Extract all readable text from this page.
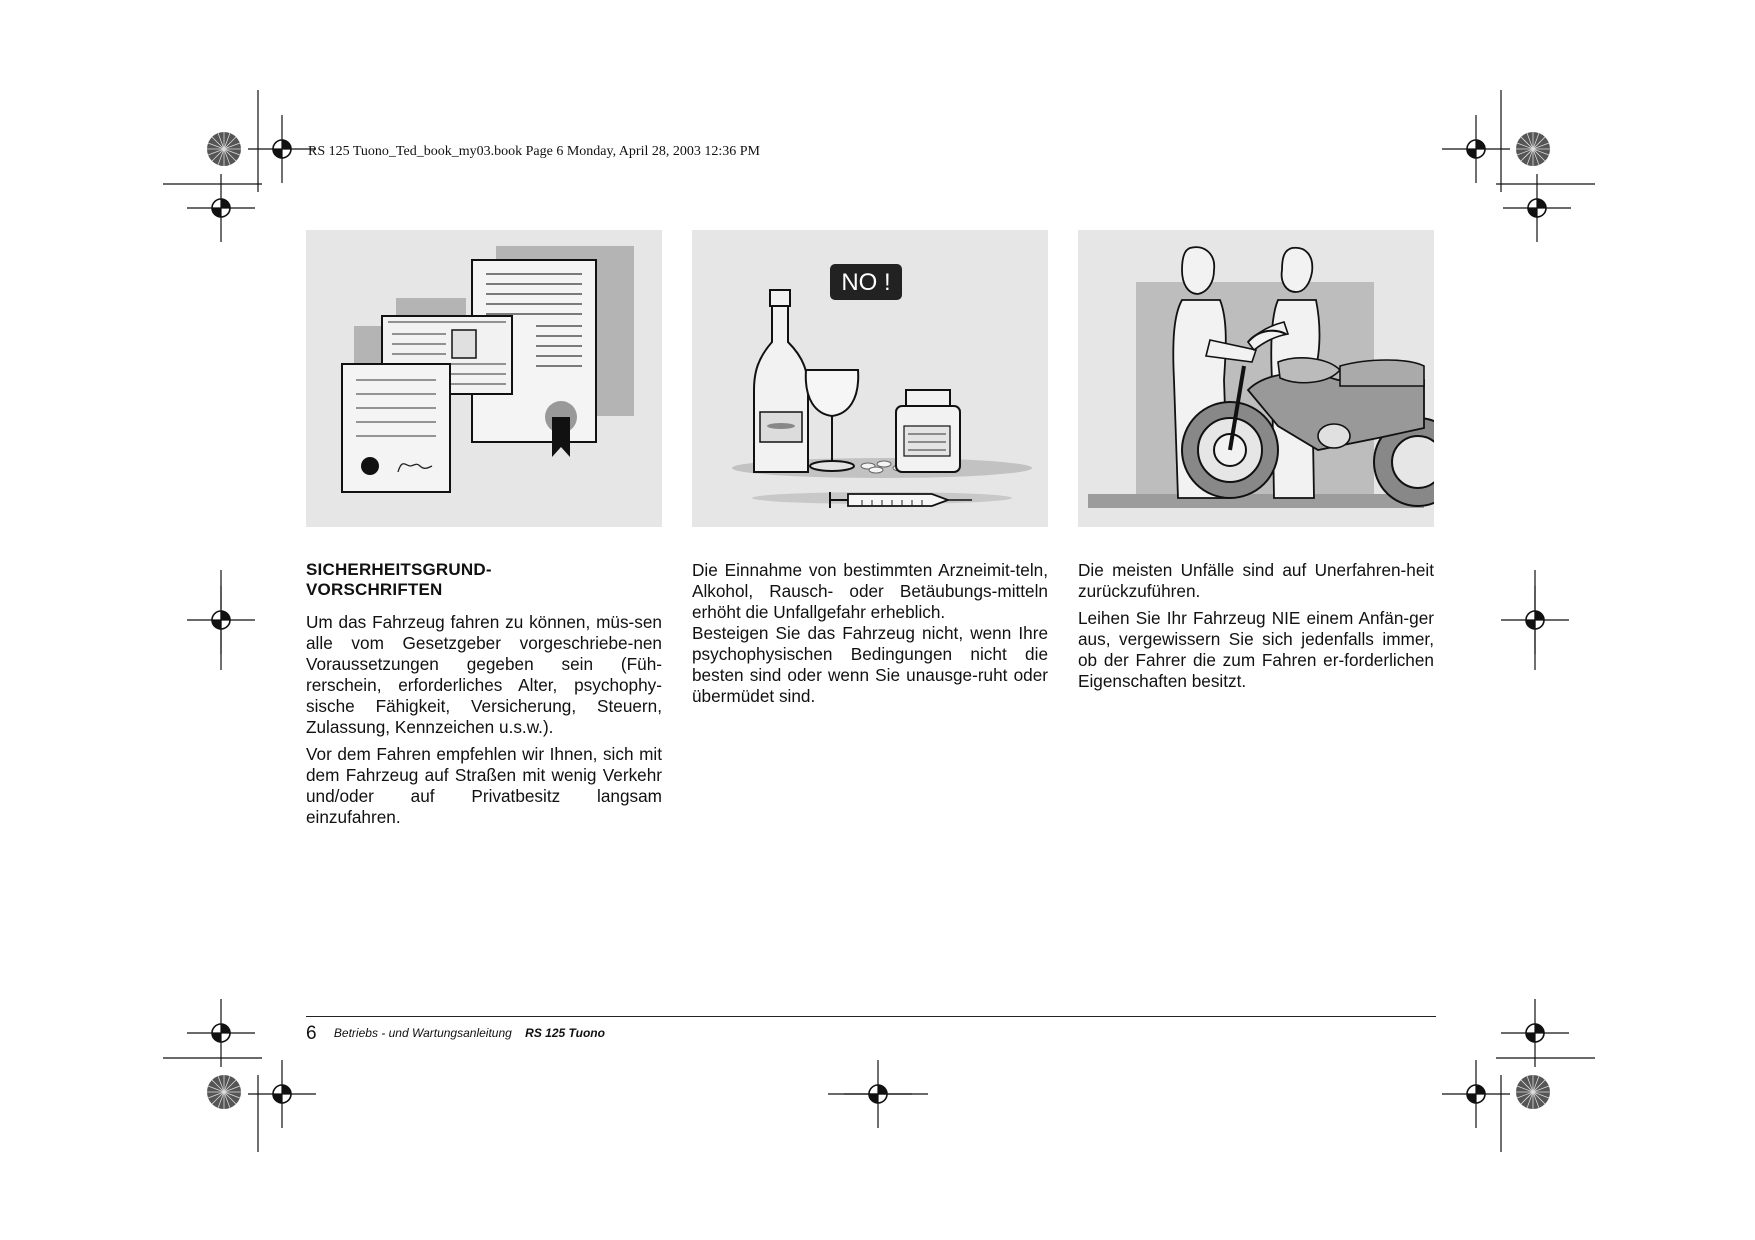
RS 125 Tuono_Ted_book_my03.book Page 6 Monday, April 28, 2003 12:36 PM
NO !
SICHERHEITSGRUND-
VORSCHRIFTEN

Um das Fahrzeug fahren zu können, müs-sen alle vom Gesetzgeber vorgeschriebe-nen Voraussetzungen gegeben sein (Füh-rerschein, erforderliches Alter, psychophy-sische Fähigkeit, Versicherung, Steuern, Zulassung, Kennzeichen u.s.w.).

Vor dem Fahren empfehlen wir Ihnen, sich mit dem Fahrzeug auf Straßen mit wenig Verkehr und/oder auf Privatbesitz langsam einzufahren.

Die Einnahme von bestimmten Arzneimit-teln, Alkohol, Rausch- oder Betäubungs-mitteln erhöht die Unfallgefahr erheblich.

Besteigen Sie das Fahrzeug nicht, wenn Ihre psychophysischen Bedingungen nicht die besten sind oder wenn Sie unausge-ruht oder übermüdet sind.

Die meisten Unfälle sind auf Unerfahren-heit zurückzuführen.

Leihen Sie Ihr Fahrzeug NIE einem Anfän-ger aus, vergewissern Sie sich jedenfalls immer, ob der Fahrer die zum Fahren er-forderlichen Eigenschaften besitzt.

6 Betriebs - und Wartungsanleitung RS 125 Tuono
